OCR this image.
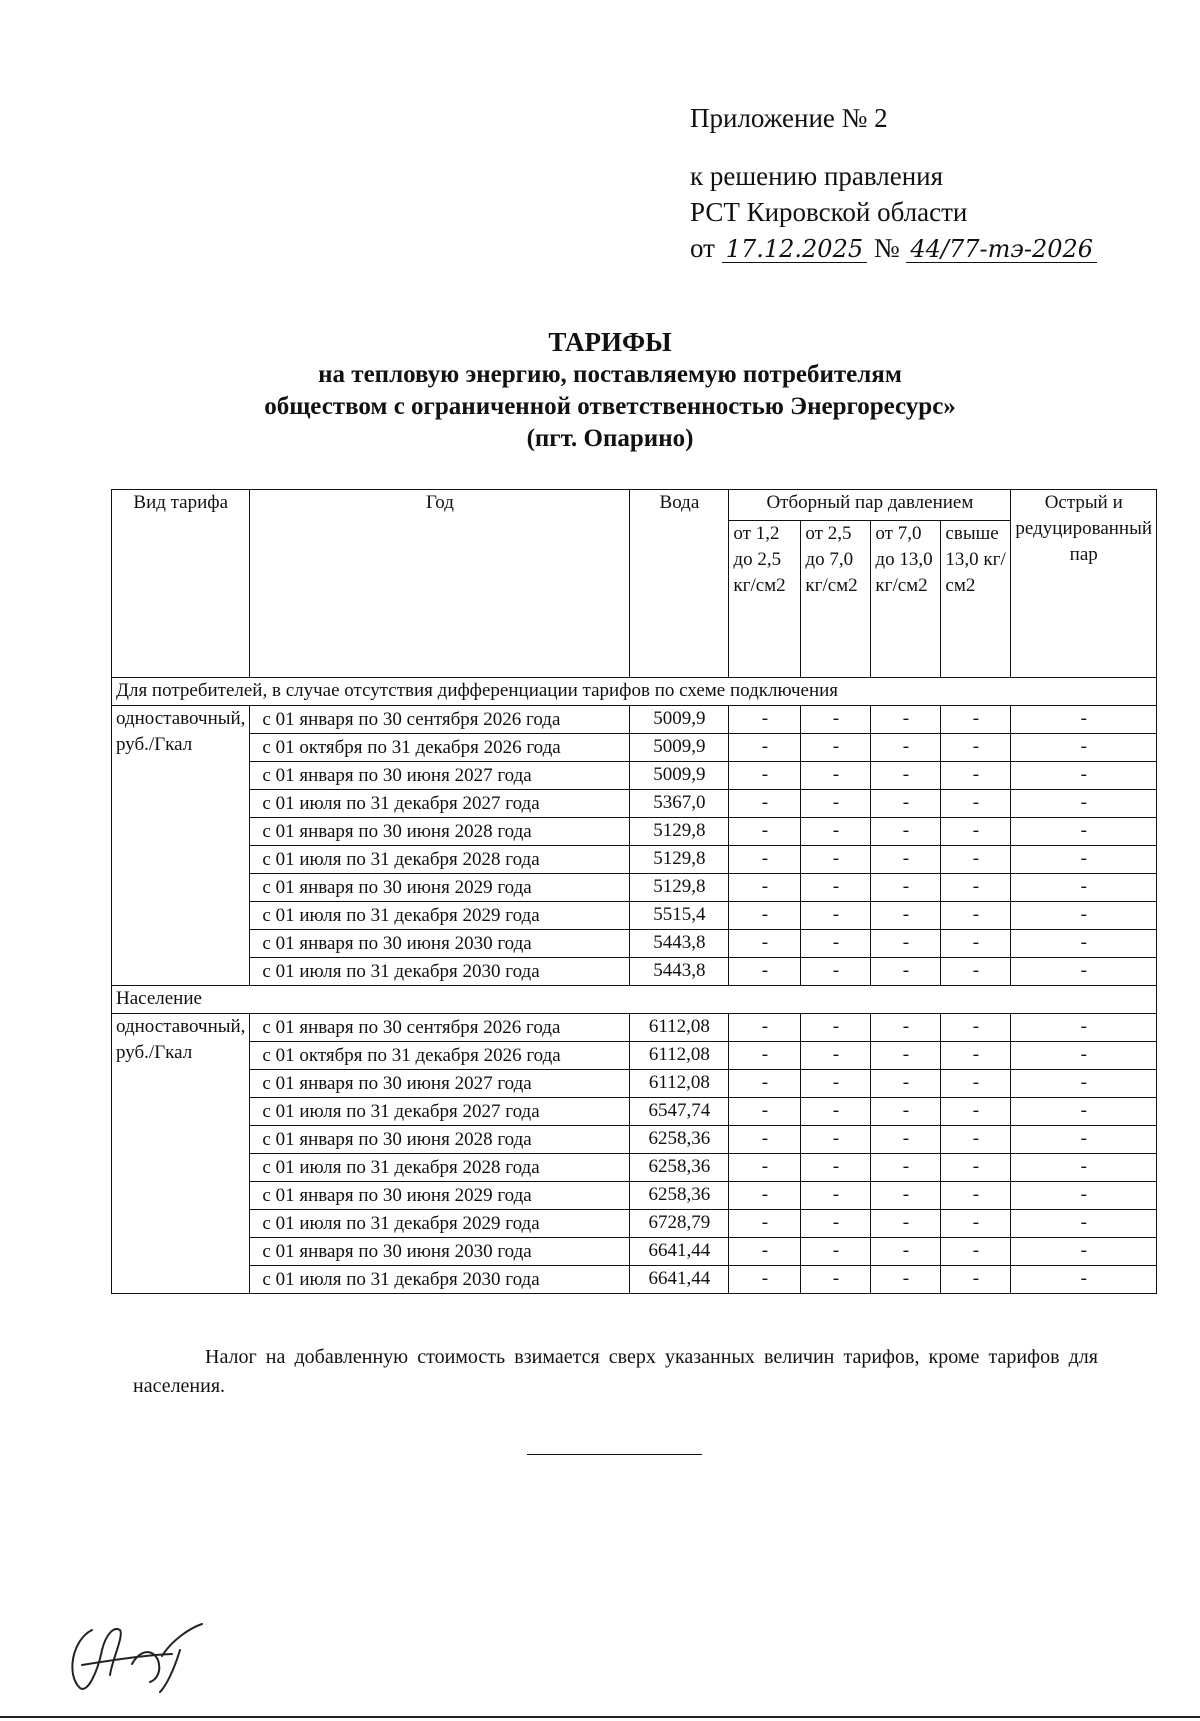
Приложение № 2
к решению правления
РСТ Кировской области
от 17.12.2025 № 44/77-тэ-2026
ТАРИФЫ
на тепловую энергию, поставляемую потребителям
обществом с ограниченной ответственностью Энергоресурс»
(пгт. Опарино)
Вид тарифа	Год	Вода	Отборный пар давлением				Острый и редуцированный пар
			от 1,2 до 2,5 кг/см2	от 2,5 до 7,0 кг/см2	от 7,0 до 13,0 кг/см2	свыше 13,0 кг/см2	
Для потребителей, в случае отсутствия дифференциации тарифов по схеме подключения							
одноставочный, руб./Гкал	с 01 января по 30 сентября 2026 года	5009,9	-	-	-	-	-
	с 01 октября по 31 декабря 2026 года	5009,9	-	-	-	-	-
	с 01 января по 30 июня 2027 года	5009,9	-	-	-	-	-
	с 01 июля по 31 декабря 2027 года	5367,0	-	-	-	-	-
	с 01 января по 30 июня 2028 года	5129,8	-	-	-	-	-
	с 01 июля по 31 декабря 2028 года	5129,8	-	-	-	-	-
	с 01 января по 30 июня 2029 года	5129,8	-	-	-	-	-
	с 01 июля по 31 декабря 2029 года	5515,4	-	-	-	-	-
	с 01 января по 30 июня 2030 года	5443,8	-	-	-	-	-
	с 01 июля по 31 декабря 2030 года	5443,8	-	-	-	-	-
Население							
одноставочный, руб./Гкал	с 01 января по 30 сентября 2026 года	6112,08	-	-	-	-	-
	с 01 октября по 31 декабря 2026 года	6112,08	-	-	-	-	-
	с 01 января по 30 июня 2027 года	6112,08	-	-	-	-	-
	с 01 июля по 31 декабря 2027 года	6547,74	-	-	-	-	-
	с 01 января по 30 июня 2028 года	6258,36	-	-	-	-	-
	с 01 июля по 31 декабря 2028 года	6258,36	-	-	-	-	-
	с 01 января по 30 июня 2029 года	6258,36	-	-	-	-	-
	с 01 июля по 31 декабря 2029 года	6728,79	-	-	-	-	-
	с 01 января по 30 июня 2030 года	6641,44	-	-	-	-	-
	с 01 июля по 31 декабря 2030 года	6641,44	-	-	-	-	-
Налог на добавленную стоимость взимается сверх указанных величин тарифов, кроме тарифов для населения.
